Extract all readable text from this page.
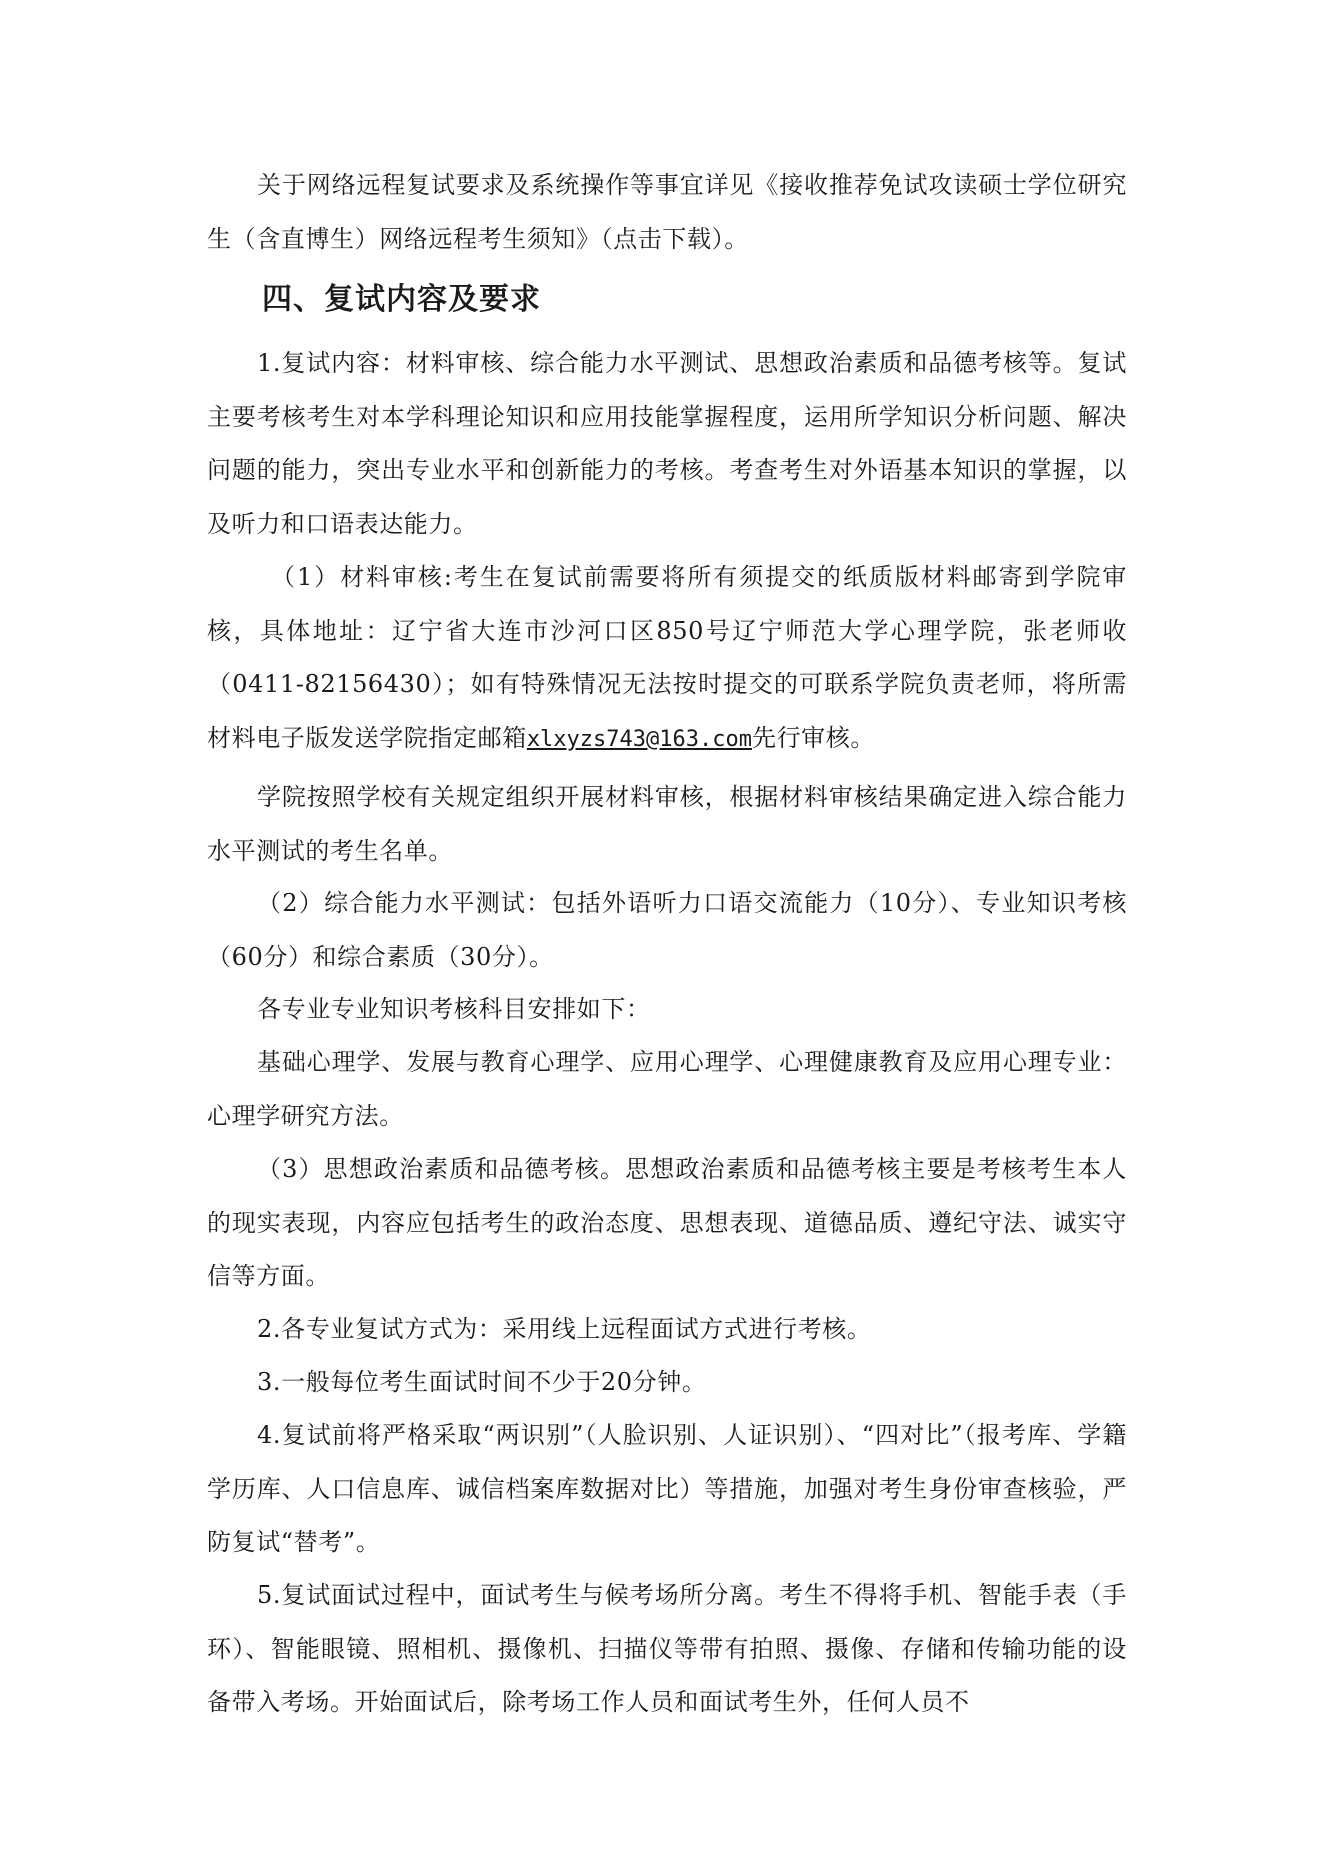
关于网络远程复试要求及系统操作等事宜详见《接收推荐免试攻读硕士学位研究生（含直博生）网络远程考生须知》（点击下载）。

四、复试内容及要求

1.复试内容：材料审核、综合能力水平测试、思想政治素质和品德考核等。复试主要考核考生对本学科理论知识和应用技能掌握程度，运用所学知识分析问题、解决问题的能力，突出专业水平和创新能力的考核。考查考生对外语基本知识的掌握，以及听力和口语表达能力。

（1）材料审核:考生在复试前需要将所有须提交的纸质版材料邮寄到学院审核，具体地址：辽宁省大连市沙河口区850号辽宁师范大学心理学院，张老师收（0411-82156430）；如有特殊情况无法按时提交的可联系学院负责老师，将所需材料电子版发送学院指定邮箱xlxyzs743@163.com先行审核。

学院按照学校有关规定组织开展材料审核，根据材料审核结果确定进入综合能力水平测试的考生名单。

（2）综合能力水平测试：包括外语听力口语交流能力（10分）、专业知识考核（60分）和综合素质（30分）。

各专业专业知识考核科目安排如下：

基础心理学、发展与教育心理学、应用心理学、心理健康教育及应用心理专业：心理学研究方法。

（3）思想政治素质和品德考核。思想政治素质和品德考核主要是考核考生本人的现实表现，内容应包括考生的政治态度、思想表现、道德品质、遵纪守法、诚实守信等方面。

2.各专业复试方式为：采用线上远程面试方式进行考核。

3.一般每位考生面试时间不少于20分钟。

4.复试前将严格采取“两识别”（人脸识别、人证识别）、“四对比”（报考库、学籍学历库、人口信息库、诚信档案库数据对比）等措施，加强对考生身份审查核验，严防复试“替考”。

5.复试面试过程中，面试考生与候考场所分离。考生不得将手机、智能手表（手环）、智能眼镜、照相机、摄像机、扫描仪等带有拍照、摄像、存储和传输功能的设备带入考场。开始面试后，除考场工作人员和面试考生外，任何人员不
